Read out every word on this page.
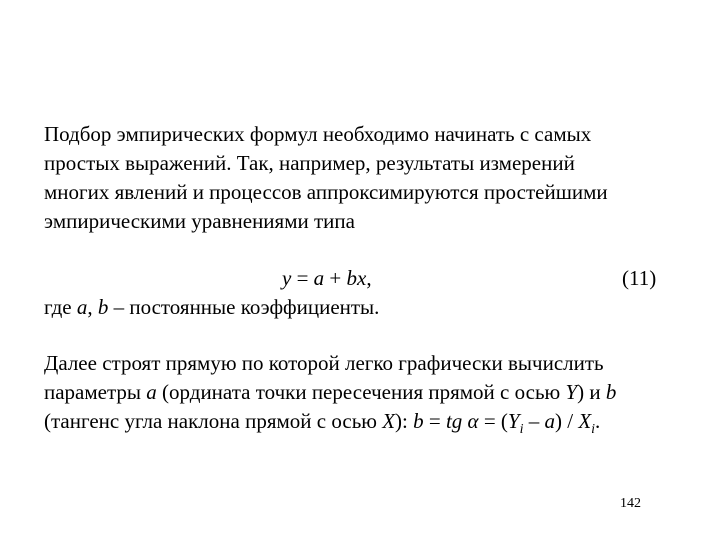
Подбор эмпирических формул необходимо начинать с самых
простых выражений. Так, например, результаты измерений
многих явлений и процессов аппроксимируются простейшими
эмпирическими уравнениями типа

y = a + bx,	(11)

где a, b – постоянные коэффициенты.

Далее строят прямую по которой легко графически вычислить
параметры a (ордината точки пересечения прямой с осью Y) и b
(тангенс угла наклона прямой с осью X): b = tg $\alpha = (Y_i - a) / X_i$.

142
